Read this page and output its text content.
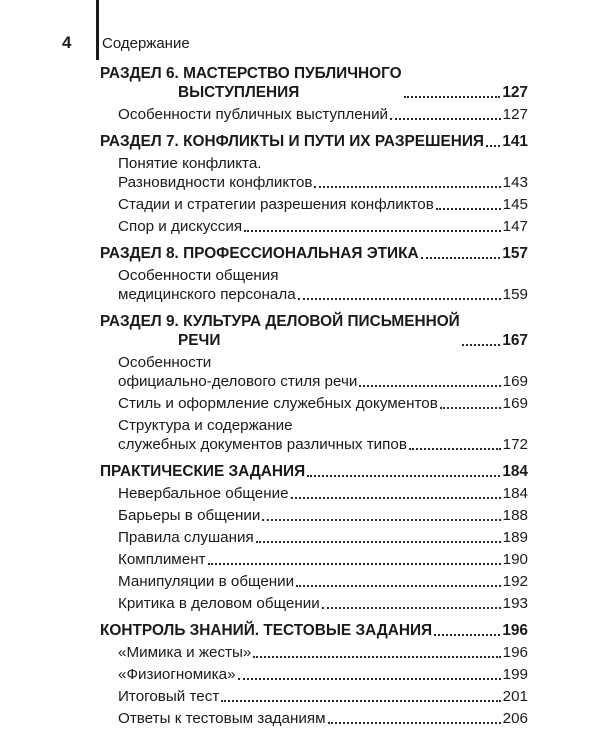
4	Содержание
РАЗДЕЛ 6. МАСТЕРСТВО ПУБЛИЧНОГО
ВЫСТУПЛЕНИЯ	127
Особенности публичных выступлений	127
РАЗДЕЛ 7. КОНФЛИКТЫ И ПУТИ ИХ РАЗРЕШЕНИЯ 141
Понятие конфликта.
Разновидности конфликтов	143
Стадии и стратегии разрешения конфликтов	145
Спор и дискуссия	147
РАЗДЕЛ 8. ПРОФЕССИОНАЛЬНАЯ ЭТИКА	157
Особенности общения
медицинского персонала	159
РАЗДЕЛ 9. КУЛЬТУРА ДЕЛОВОЙ ПИСЬМЕННОЙ
РЕЧИ	167
Особенности
официально-делового стиля речи	169
Стиль и оформление служебных документов	169
Структура и содержание
служебных документов различных типов	172
ПРАКТИЧЕСКИЕ ЗАДАНИЯ	184
Невербальное общение	184
Барьеры в общении	188
Правила слушания	189
Комплимент	190
Манипуляции в общении	192
Критика в деловом общении	193
КОНТРОЛЬ ЗНАНИЙ. ТЕСТОВЫЕ ЗАДАНИЯ	196
«Мимика и жесты»	196
«Физиогномика»	199
Итоговый тест	201
Ответы к тестовым заданиям	206
